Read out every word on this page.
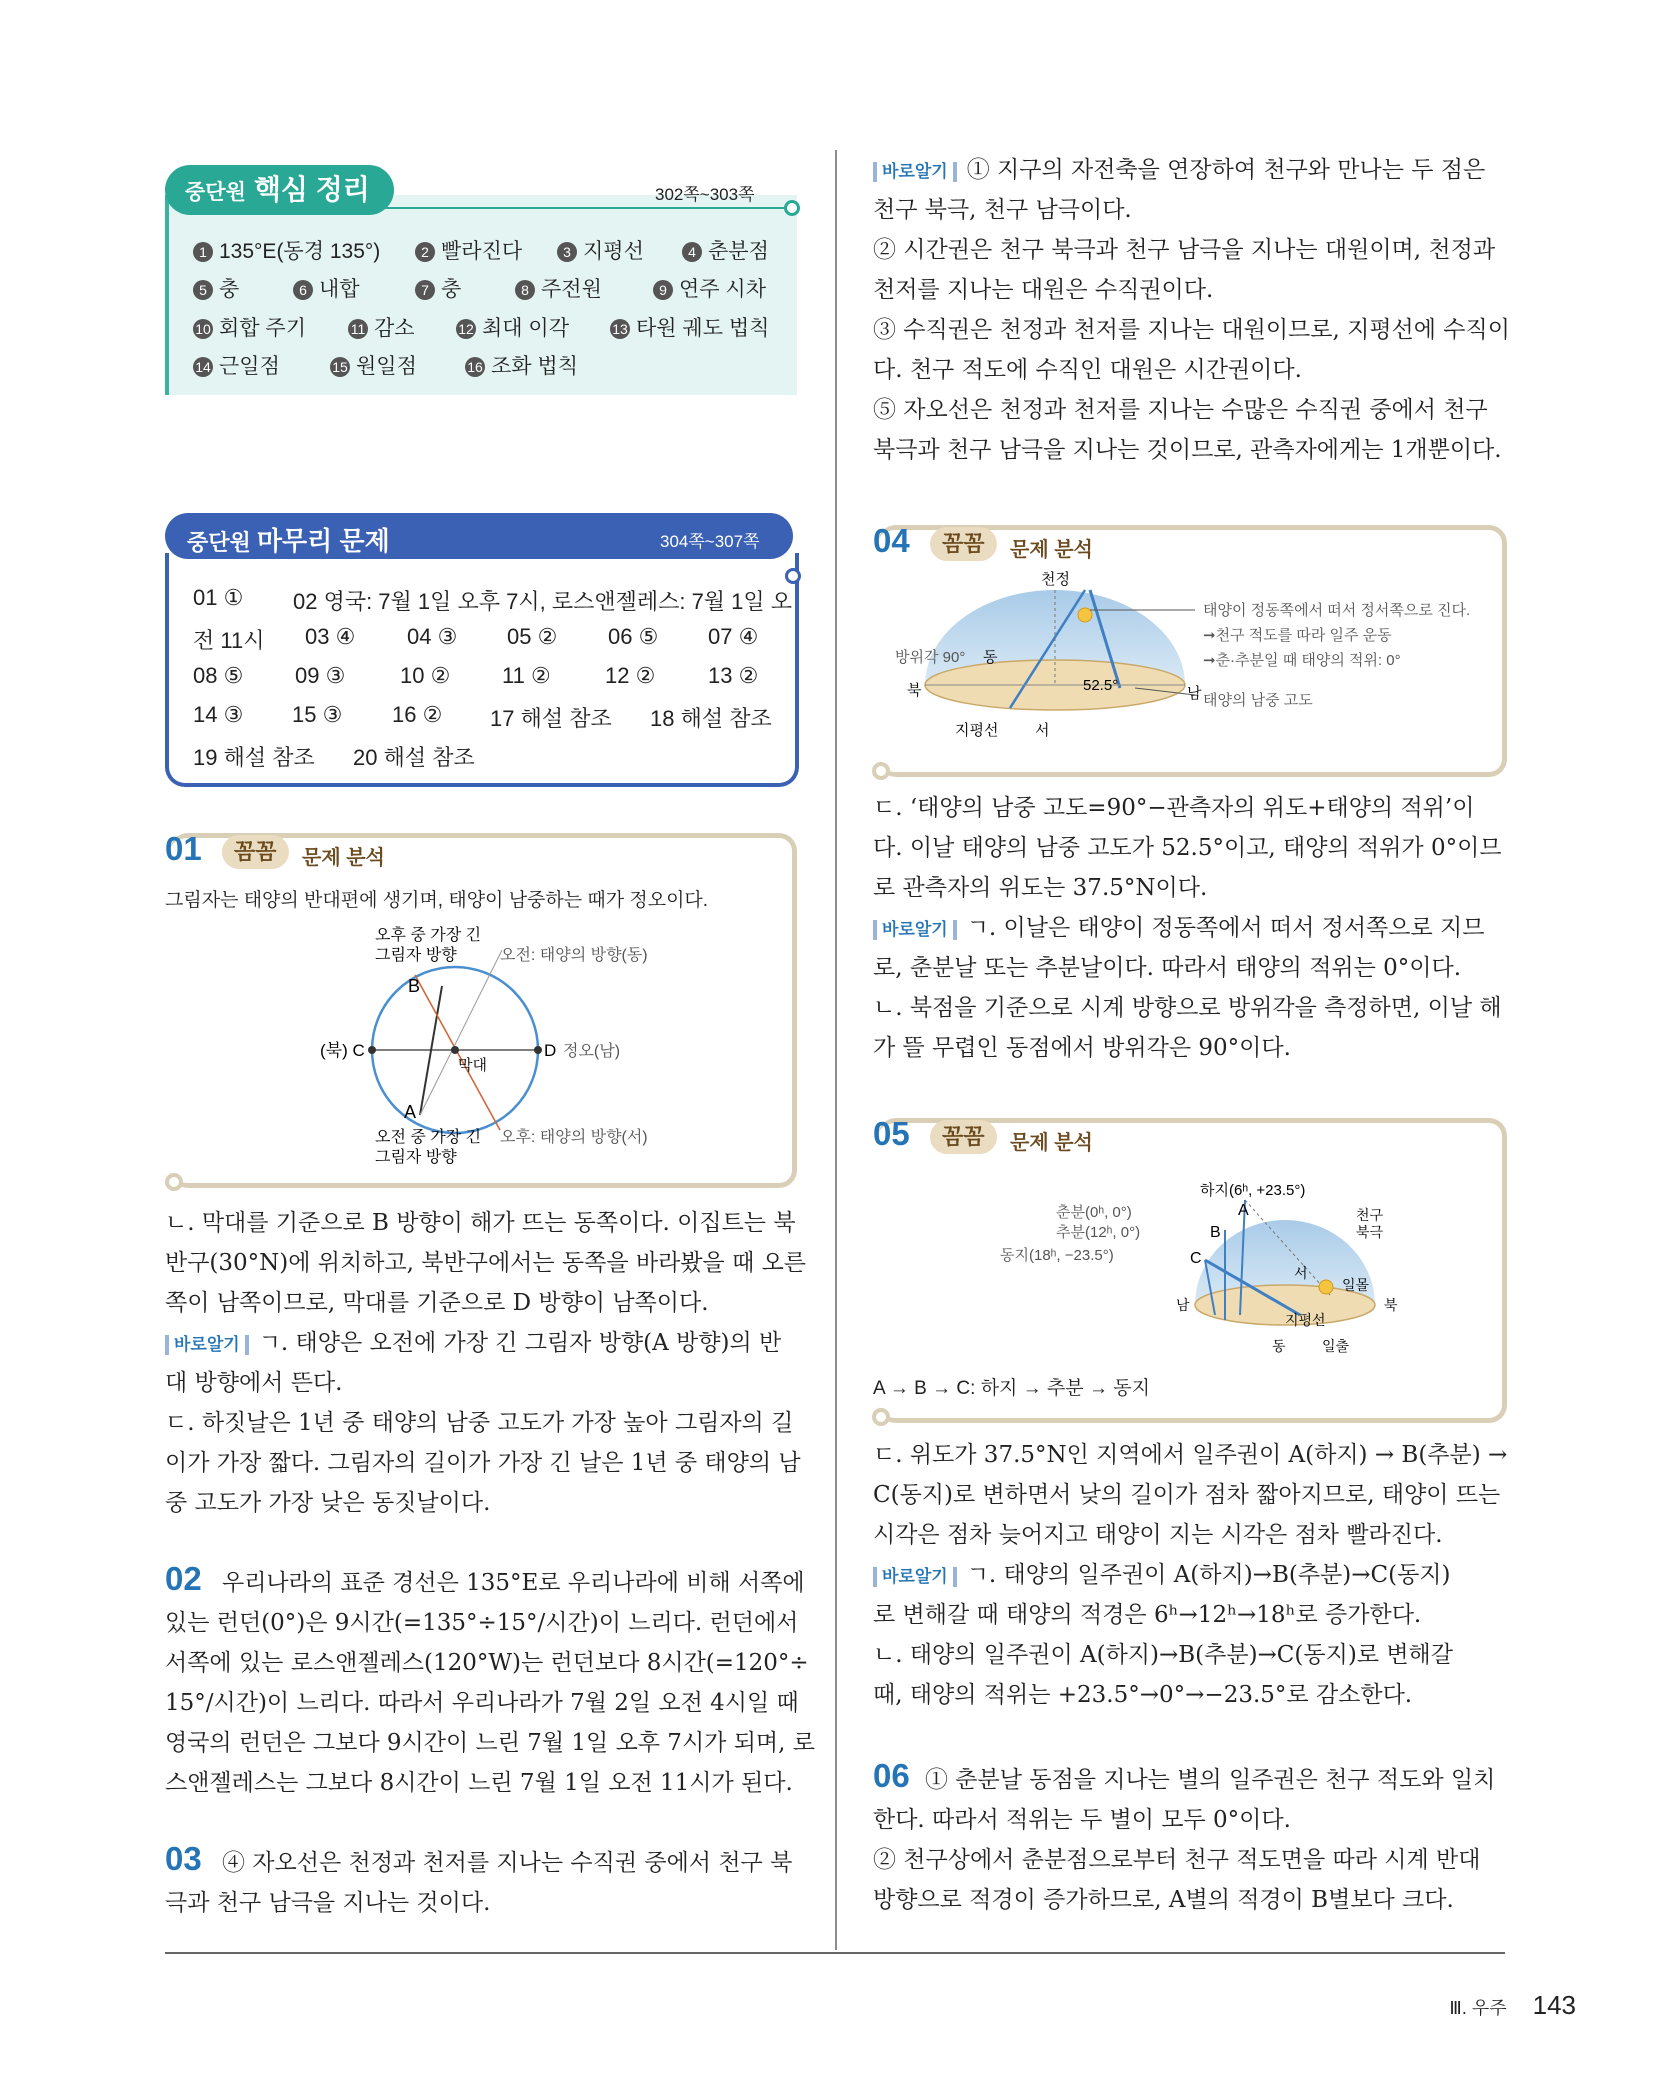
중단원 핵심 정리	302쪽~303쪽
1 135°E(동경 135°)	2 빨라진다	3 지평선	4 춘분점
5 충	6 내합	7 충	8 주전원	9 연주 시차
10 회합 주기	11 감소	12 최대 이각	13 타원 궤도 법칙
14 근일점	15 원일점	16 조화 법칙
중단원 마무리 문제	304쪽~307쪽
01 ① 02 영국: 7월 1일 오후 7시, 로스앤젤레스: 7월 1일 오
전 11시 03 ④ 04 ③ 05 ② 06 ⑤ 07 ④
08 ⑤ 09 ③ 10 ② 11 ② 12 ② 13 ②
14 ③ 15 ③ 16 ② 17 해설 참조 18 해설 참조
19 해설 참조 20 해설 참조
01	꼼꼼	문제 분석
그림자는 태양의 반대편에 생기며, 태양이 남중하는 때가 정오이다.
오후 중 가장 긴
그림자 방향	오전: 태양의 방향(동)
B
(북) C	D 정오(남)
막대
A
오전 중 가장 긴
그림자 방향
오후: 태양의 방향(서)
ㄴ. 막대를 기준으로 B 방향이 해가 뜨는 동쪽이다. 이집트는 북
반구(30°N)에 위치하고, 북반구에서는 동쪽을 바라봤을 때 오른
쪽이 남쪽이므로, 막대를 기준으로 D 방향이 남쪽이다.
바로알기 ㄱ. 태양은 오전에 가장 긴 그림자 방향(A 방향)의 반
대 방향에서 뜬다.
ㄷ. 하짓날은 1년 중 태양의 남중 고도가 가장 높아 그림자의 길
이가 가장 짧다. 그림자의 길이가 가장 긴 날은 1년 중 태양의 남
중 고도가 가장 낮은 동짓날이다.
02 우리나라의 표준 경선은 135°E로 우리나라에 비해 서쪽에
있는 런던(0°)은 9시간(=135°÷15°/시간)이 느리다. 런던에서
서쪽에 있는 로스앤젤레스(120°W)는 런던보다 8시간(=120°÷
15°/시간)이 느리다. 따라서 우리나라가 7월 2일 오전 4시일 때
영국의 런던은 그보다 9시간이 느린 7월 1일 오후 7시가 되며, 로
스앤젤레스는 그보다 8시간이 느린 7월 1일 오전 11시가 된다.
03 ④ 자오선은 천정과 천저를 지나는 수직권 중에서 천구 북
극과 천구 남극을 지나는 것이다.
바로알기 ① 지구의 자전축을 연장하여 천구와 만나는 두 점은
천구 북극, 천구 남극이다.
② 시간권은 천구 북극과 천구 남극을 지나는 대원이며, 천정과
천저를 지나는 대원은 수직권이다.
③ 수직권은 천정과 천저를 지나는 대원이므로, 지평선에 수직이
다. 천구 적도에 수직인 대원은 시간권이다.
⑤ 자오선은 천정과 천저를 지나는 수많은 수직권 중에서 천구
북극과 천구 남극을 지나는 것이므로, 관측자에게는 1개뿐이다.
04	꼼꼼	문제 분석
천정
방위각 90° 동
북	남
서
지평선
52.5°
태양이 정동쪽에서 떠서 정서쪽으로 진다.
➞천구 적도를 따라 일주 운동
➞춘·추분일 때 태양의 적위: 0°
태양의 남중 고도
ㄷ. ‘태양의 남중 고도=90°−관측자의 위도+태양의 적위’이
다. 이날 태양의 남중 고도가 52.5°이고, 태양의 적위가 0°이므
로 관측자의 위도는 37.5°N이다.
바로알기 ㄱ. 이날은 태양이 정동쪽에서 떠서 정서쪽으로 지므
로, 춘분날 또는 추분날이다. 따라서 태양의 적위는 0°이다.
ㄴ. 북점을 기준으로 시계 방향으로 방위각을 측정하면, 이날 해
가 뜰 무렵인 동점에서 방위각은 90°이다.
05	꼼꼼	문제 분석
하지(6ʰ, +23.5°)
춘분(0ʰ, 0°)
추분(12ʰ, 0°)
동지(18ʰ, −23.5°)
A
B
C
천구
북극
서
일몰
남	북
지평선
동	일출
A → B → C: 하지 → 추분 → 동지
ㄷ. 위도가 37.5°N인 지역에서 일주권이 A(하지) → B(추분) →
C(동지)로 변하면서 낮의 길이가 점차 짧아지므로, 태양이 뜨는
시각은 점차 늦어지고 태양이 지는 시각은 점차 빨라진다.
바로알기 ㄱ. 태양의 일주권이 A(하지)→B(추분)→C(동지)
로 변해갈 때 태양의 적경은 6ʰ→12ʰ→18ʰ로 증가한다.
ㄴ. 태양의 일주권이 A(하지)→B(추분)→C(동지)로 변해갈
때, 태양의 적위는 +23.5°→0°→−23.5°로 감소한다.
06 ① 춘분날 동점을 지나는 별의 일주권은 천구 적도와 일치
한다. 따라서 적위는 두 별이 모두 0°이다.
② 천구상에서 춘분점으로부터 천구 적도면을 따라 시계 반대
방향으로 적경이 증가하므로, A별의 적경이 B별보다 크다.
Ⅲ. 우주 143
